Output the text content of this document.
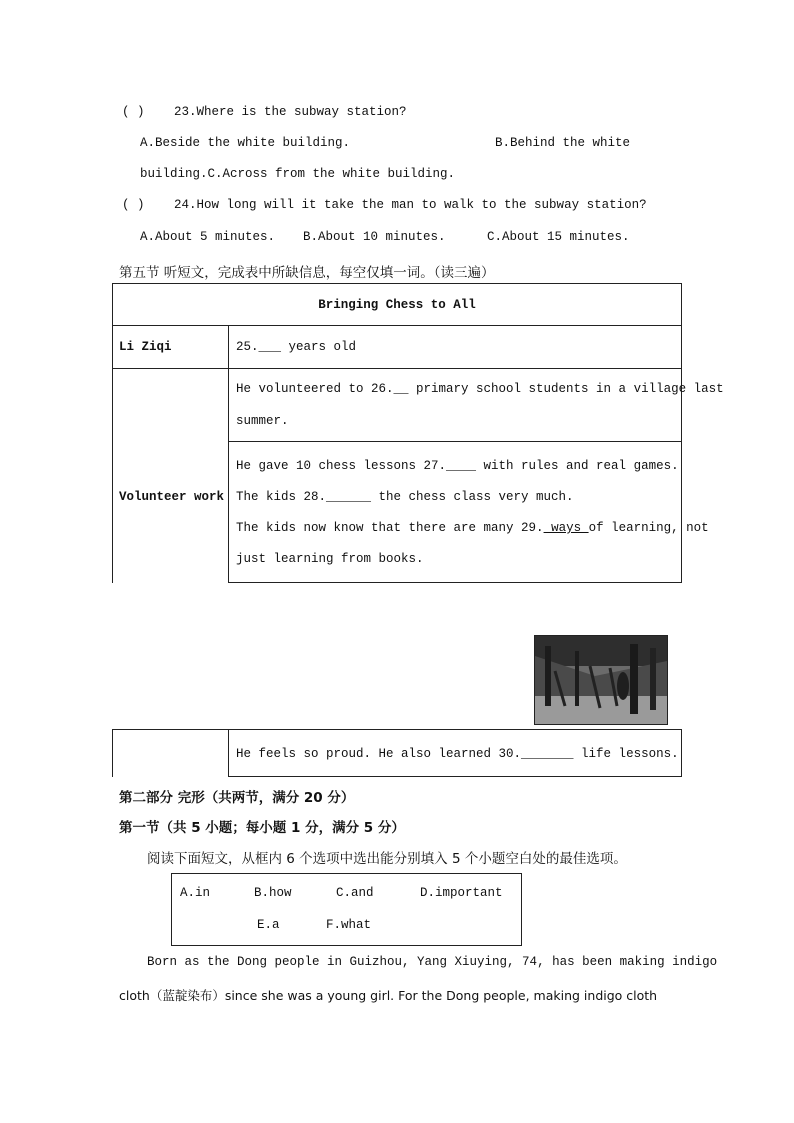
( ) 23.Where is the subway station?
A.Beside the white building.	B.Behind the white
building.C.Across from the white building.
( ) 24.How long will it take the man to walk to the subway station?
A.About 5 minutes. B.About 10 minutes.	C.About 15 minutes.
第五节 听短文，完成表中所缺信息，每空仅填一词。（读三遍）
Bringing Chess to All
Li Ziqi	25.___ years old
Volunteer work
He volunteered to 26.__ primary school students in a village last
summer.
He gave 10 chess lessons 27.____ with rules and real games.
The kids 28.______ the chess class very much.
The kids now know that there are many 29. ways of learning, not
just learning from books.
He feels so proud. He also learned 30._______ life lessons.
第二部分 完形（共两节，满分 20 分）
第一节（共 5 小题；每小题 1 分，满分 5 分）
阅读下面短文，从框内 6 个选项中选出能分别填入 5 个小题空白处的最佳选项。
A.in	B.how	C.and	D.important
E.a	F.what
Born as the Dong people in Guizhou, Yang Xiuying, 74, has been making indigo
cloth（蓝靛染布）since she was a young girl. For the Dong people, making indigo cloth
